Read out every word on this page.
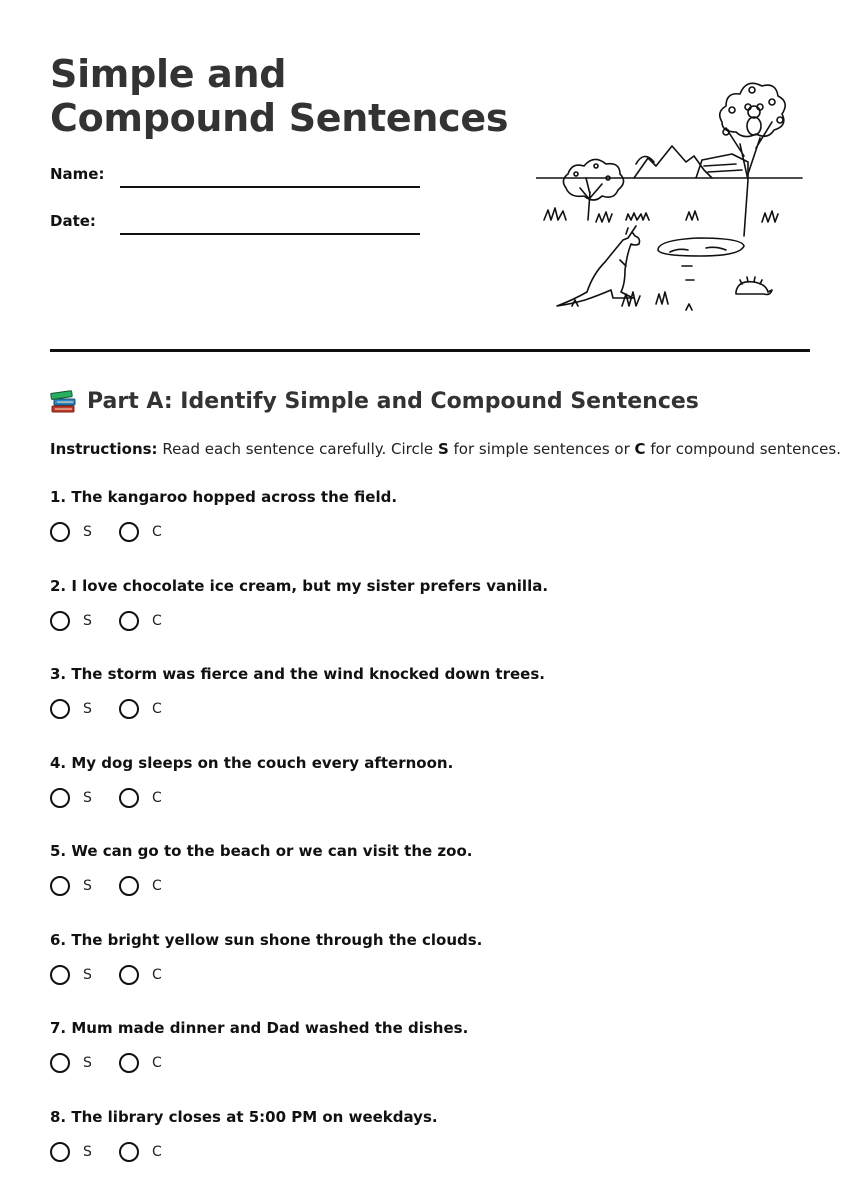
Simple and Compound Sentences
Name:
Date:
Part A: Identify Simple and Compound Sentences
Instructions: Read each sentence carefully. Circle S for simple sentences or C for compound sentences.
1. The kangaroo hopped across the field.
S	C
2. I love chocolate ice cream, but my sister prefers vanilla.
S	C
3. The storm was fierce and the wind knocked down trees.
S	C
4. My dog sleeps on the couch every afternoon.
S	C
5. We can go to the beach or we can visit the zoo.
S	C
6. The bright yellow sun shone through the clouds.
S	C
7. Mum made dinner and Dad washed the dishes.
S	C
8. The library closes at 5:00 PM on weekdays.
S	C
